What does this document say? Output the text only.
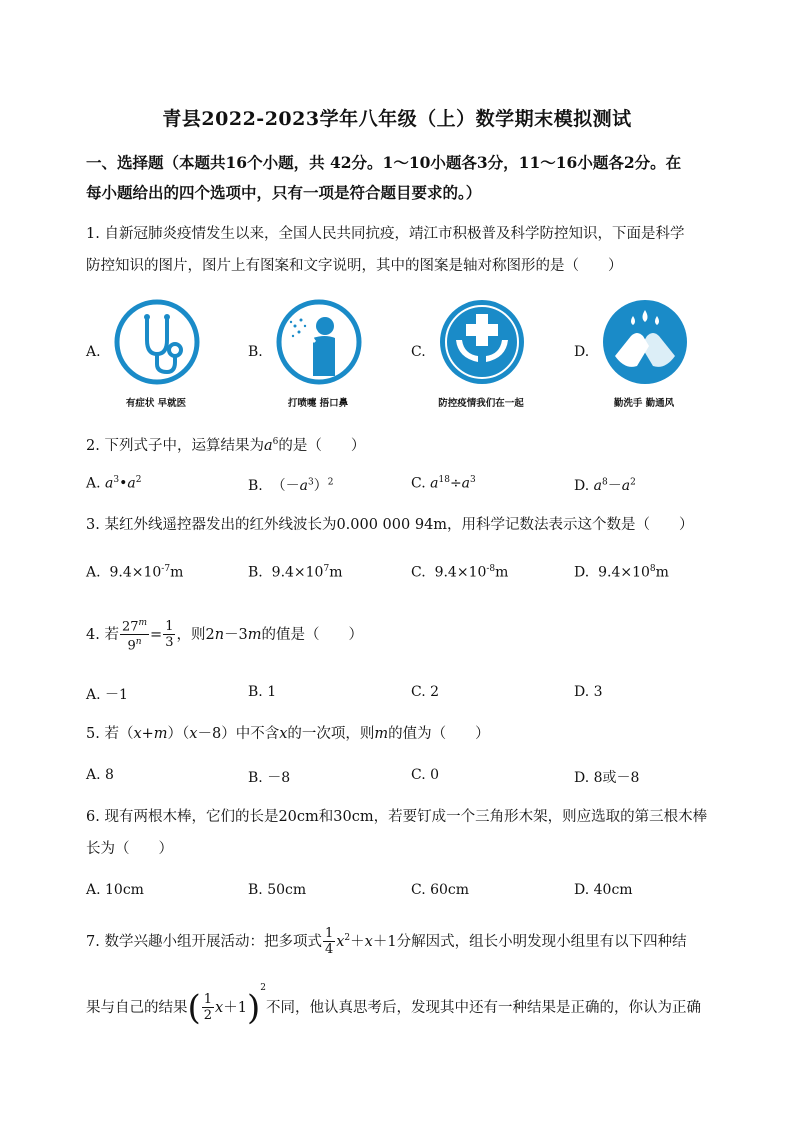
青县2022-2023学年八年级（上）数学期末模拟测试
一、选择题（本题共16个小题，共 42分。1～10小题各3分，11～16小题各2分。在
每小题给出的四个选项中，只有一项是符合题目要求的。）
1. 自新冠肺炎疫情发生以来，全国人民共同抗疫，靖江市积极普及科学防控知识，下面是科学
防控知识的图片，图片上有图案和文字说明，其中的图案是轴对称图形的是（　　）
A.
有症状 早就医
B.
打喷嚏 捂口鼻
C.
防控疫情我们在一起
D.
勤洗手 勤通风
2. 下列式子中，运算结果为$a^6$的是（　　）
A. $a^3•a^2$	B. $(-a^3)^2$	C. $a^{18}\div a^3$	D. $a^8-a^2$
3. 某红外线遥控器发出的红外线波长为0.000 000 94m，用科学记数法表示这个数是（　　）
A. $9.4\times 10^{-7}m$	B. $9.4\times 10^7m$	C. $9.4\times 10^{-8}m$	D. $9.4\times 10^8m$
4. 若 $\frac{27^m}{9^n} = \frac{1}{3}$ ，则2n－3m的值是（　　）
A. －1	B. 1	C. 2	D. 3
5. 若（x+m）（x－8）中不含x的一次项，则m的值为（　　）
A. 8	B. －8	C. 0	D. 8或－8
6. 现有两根木棒，它们的长是20cm和30cm，若要钉成一个三角形木架，则应选取的第三根木棒
长为（　　）
A. 10cm	B. 50cm	C. 60cm	D. 40cm
7. 数学兴趣小组开展活动：把多项式 $\frac{1}{4} x^2+x+1$分解因式，组长小明发现小组里有以下四种结
果与自己的结果( $\frac{1}{2} x+1)^2$不同，他认真思考后，发现其中还有一种结果是正确的，你认为正确
